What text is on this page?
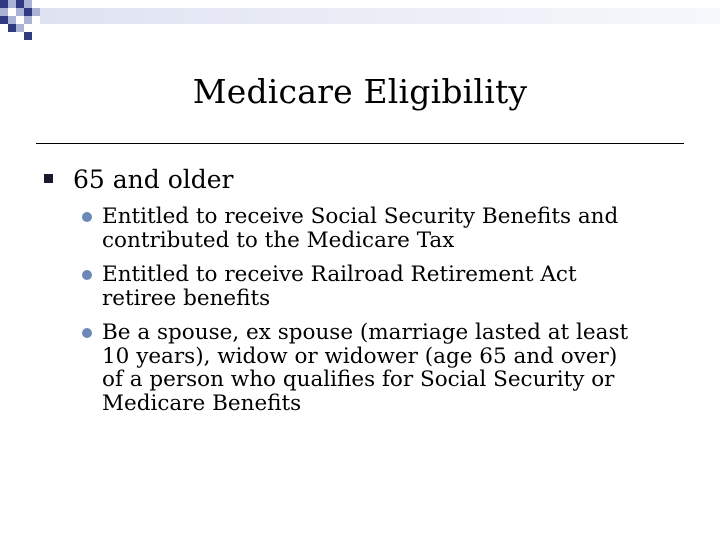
Medicare Eligibility
65 and older
Entitled to receive Social Security Benefits and
contributed to the Medicare Tax
Entitled to receive Railroad Retirement Act
retiree benefits
Be a spouse, ex spouse (marriage lasted at least
10 years), widow or widower (age 65 and over)
of a person who qualifies for Social Security or
Medicare Benefits
